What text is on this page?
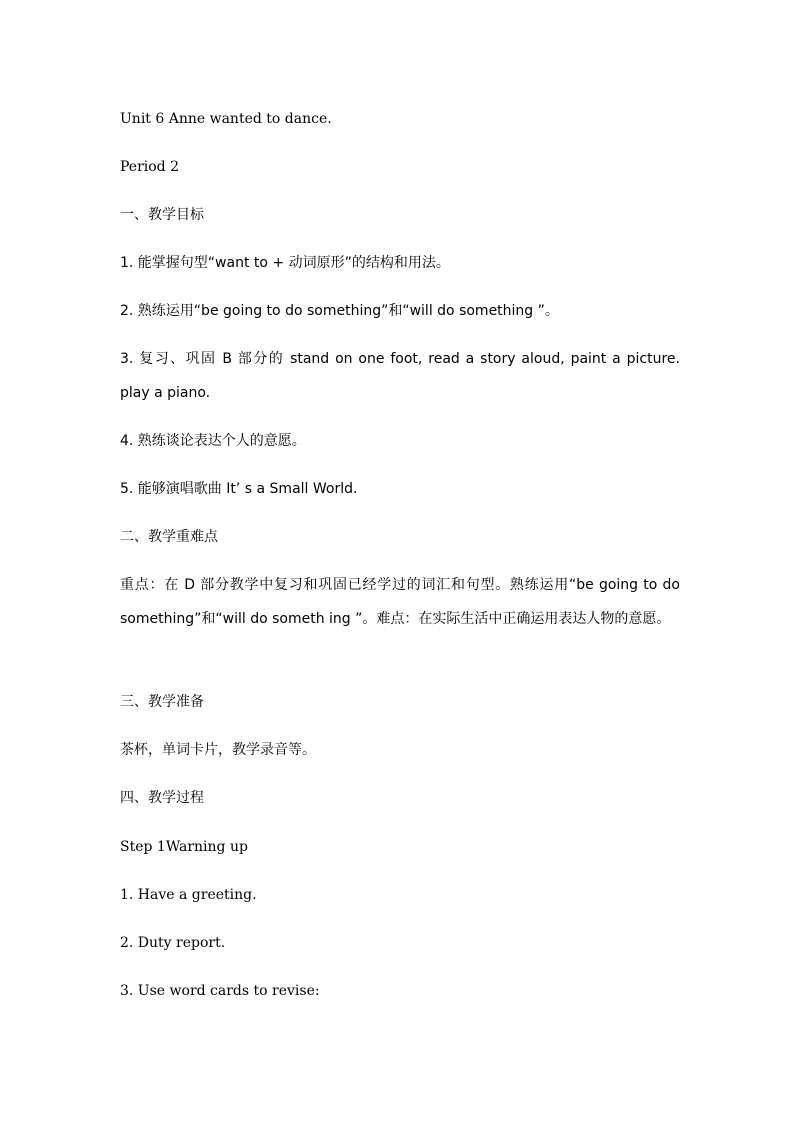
Unit 6 Anne wanted to dance.
Period 2
一、教学目标
1. 能掌握句型“want to + 动词原形”的结构和用法。
2. 熟练运用“be going to do something”和“will do something ”。
3. 复习、巩固 B 部分的 stand on one foot, read a story aloud, paint a picture. play a piano.
4. 熟练谈论表达个人的意愿。
5. 能够演唱歌曲 It’ s a Small World.
二、教学重难点
重点：在 D 部分教学中复习和巩固已经学过的词汇和句型。熟练运用“be going to do something”和“will do someth ing ”。难点：在实际生活中正确运用表达人物的意愿。
三、教学准备
茶杯，单词卡片，教学录音等。
四、教学过程
Step 1Warning up
1. Have a greeting.
2. Duty report.
3. Use word cards to revise:
